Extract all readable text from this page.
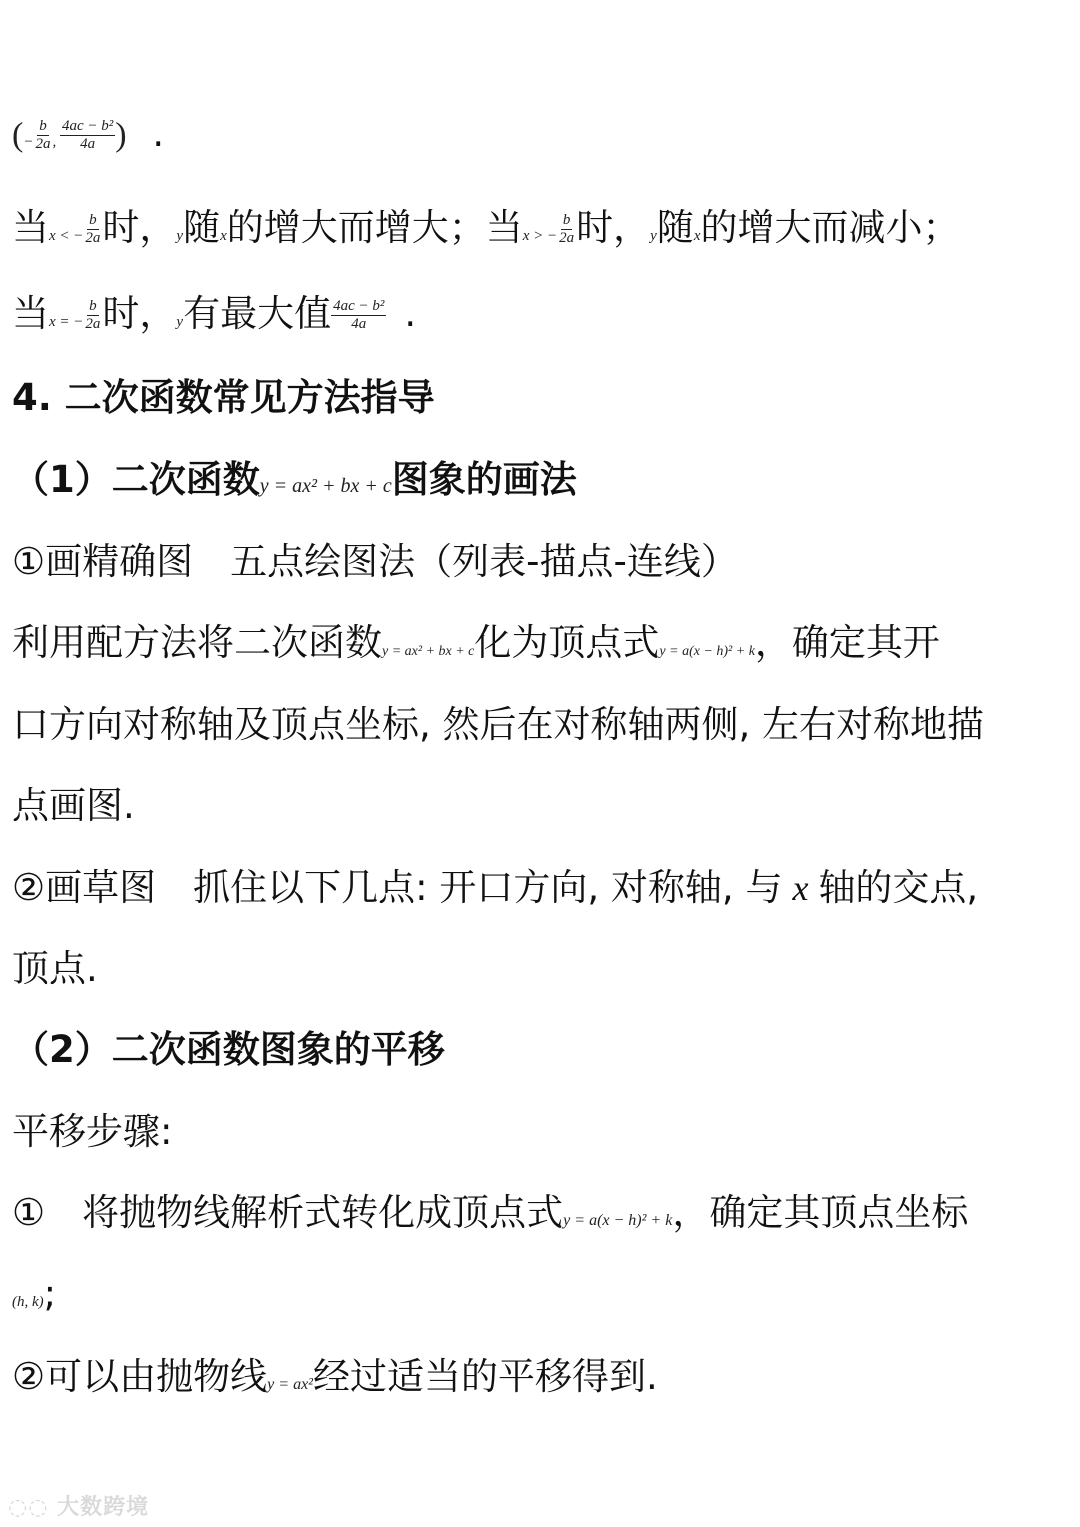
(− $\frac{b}{2a}$ , $\frac{\text{4ac − b²}}{4a}$ ) .
当x < − $\frac{b}{2a}$ 时，y随x的增大而增大；当x > − $\frac{b}{2a}$ 时，y随x的增大而减小；
当x = − $\frac{b}{2a}$ 时，y有最大值 $\frac{\text{4ac − b²}}{4a}$ .
4. 二次函数常见方法指导
（1）二次函数y = ax² + bx + c图象的画法
①画精确图　五点绘图法（列表-描点-连线）
利用配方法将二次函数y = ax² + bx + c化为顶点式y = a(x − h)² + k，确定其开
口方向对称轴及顶点坐标, 然后在对称轴两侧, 左右对称地描
点画图.
②画草图　抓住以下几点: 开口方向, 对称轴, 与 x 轴的交点,
顶点.
（2）二次函数图象的平移
平移步骤:
①　将抛物线解析式转化成顶点式y = a(x − h)² + k，确定其顶点坐标
(h, k);
②可以由抛物线y = ax²经过适当的平移得到.
◌◌ 大数跨境
